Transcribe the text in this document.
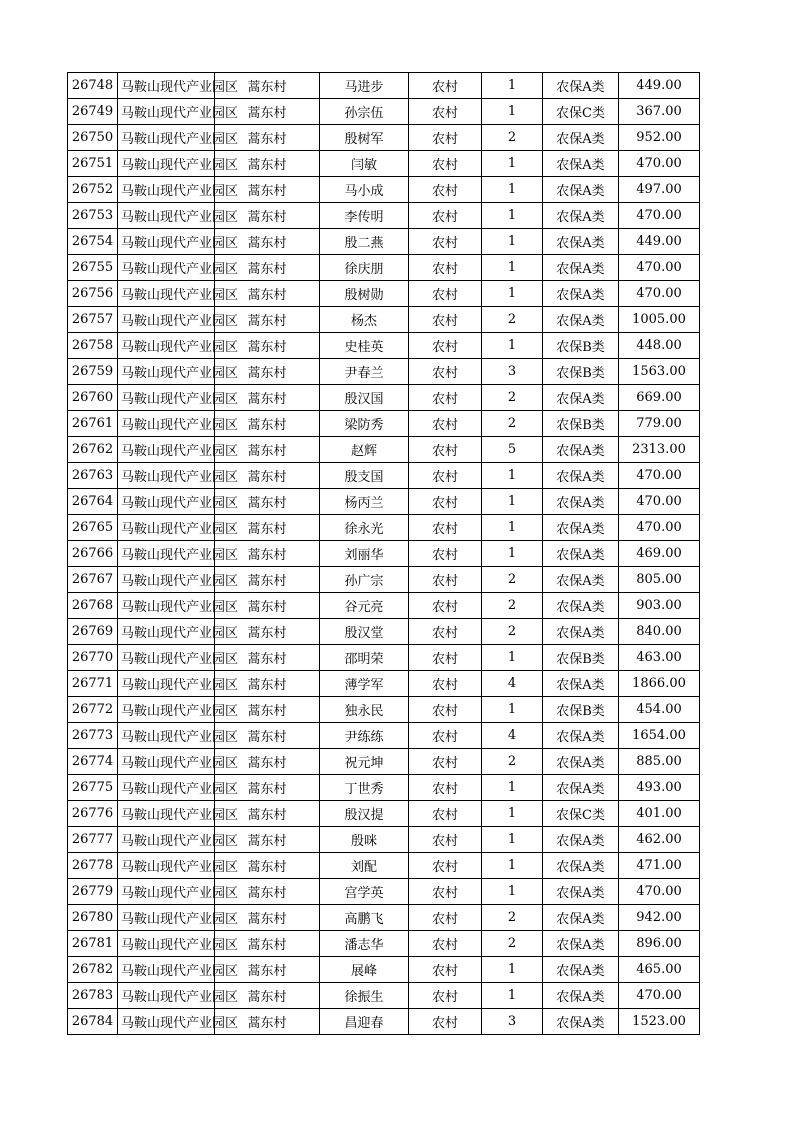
26748	马鞍山现代产业园区	蒿东村	马进步	农村	1	农保A类	449.00
26749	马鞍山现代产业园区	蒿东村	孙宗伍	农村	1	农保C类	367.00
26750	马鞍山现代产业园区	蒿东村	殷树军	农村	2	农保A类	952.00
26751	马鞍山现代产业园区	蒿东村	闫敏	农村	1	农保A类	470.00
26752	马鞍山现代产业园区	蒿东村	马小成	农村	1	农保A类	497.00
26753	马鞍山现代产业园区	蒿东村	李传明	农村	1	农保A类	470.00
26754	马鞍山现代产业园区	蒿东村	殷二燕	农村	1	农保A类	449.00
26755	马鞍山现代产业园区	蒿东村	徐庆朋	农村	1	农保A类	470.00
26756	马鞍山现代产业园区	蒿东村	殷树勋	农村	1	农保A类	470.00
26757	马鞍山现代产业园区	蒿东村	杨杰	农村	2	农保A类	1005.00
26758	马鞍山现代产业园区	蒿东村	史桂英	农村	1	农保B类	448.00
26759	马鞍山现代产业园区	蒿东村	尹春兰	农村	3	农保B类	1563.00
26760	马鞍山现代产业园区	蒿东村	殷汉国	农村	2	农保A类	669.00
26761	马鞍山现代产业园区	蒿东村	梁防秀	农村	2	农保B类	779.00
26762	马鞍山现代产业园区	蒿东村	赵辉	农村	5	农保A类	2313.00
26763	马鞍山现代产业园区	蒿东村	殷支国	农村	1	农保A类	470.00
26764	马鞍山现代产业园区	蒿东村	杨丙兰	农村	1	农保A类	470.00
26765	马鞍山现代产业园区	蒿东村	徐永光	农村	1	农保A类	470.00
26766	马鞍山现代产业园区	蒿东村	刘丽华	农村	1	农保A类	469.00
26767	马鞍山现代产业园区	蒿东村	孙广宗	农村	2	农保A类	805.00
26768	马鞍山现代产业园区	蒿东村	谷元亮	农村	2	农保A类	903.00
26769	马鞍山现代产业园区	蒿东村	殷汉堂	农村	2	农保A类	840.00
26770	马鞍山现代产业园区	蒿东村	邵明荣	农村	1	农保B类	463.00
26771	马鞍山现代产业园区	蒿东村	薄学军	农村	4	农保A类	1866.00
26772	马鞍山现代产业园区	蒿东村	独永民	农村	1	农保B类	454.00
26773	马鞍山现代产业园区	蒿东村	尹练练	农村	4	农保A类	1654.00
26774	马鞍山现代产业园区	蒿东村	祝元坤	农村	2	农保A类	885.00
26775	马鞍山现代产业园区	蒿东村	丁世秀	农村	1	农保A类	493.00
26776	马鞍山现代产业园区	蒿东村	殷汉提	农村	1	农保C类	401.00
26777	马鞍山现代产业园区	蒿东村	殷咪	农村	1	农保A类	462.00
26778	马鞍山现代产业园区	蒿东村	刘配	农村	1	农保A类	471.00
26779	马鞍山现代产业园区	蒿东村	宫学英	农村	1	农保A类	470.00
26780	马鞍山现代产业园区	蒿东村	高鹏飞	农村	2	农保A类	942.00
26781	马鞍山现代产业园区	蒿东村	潘志华	农村	2	农保A类	896.00
26782	马鞍山现代产业园区	蒿东村	展峰	农村	1	农保A类	465.00
26783	马鞍山现代产业园区	蒿东村	徐振生	农村	1	农保A类	470.00
26784	马鞍山现代产业园区	蒿东村	昌迎春	农村	3	农保A类	1523.00
